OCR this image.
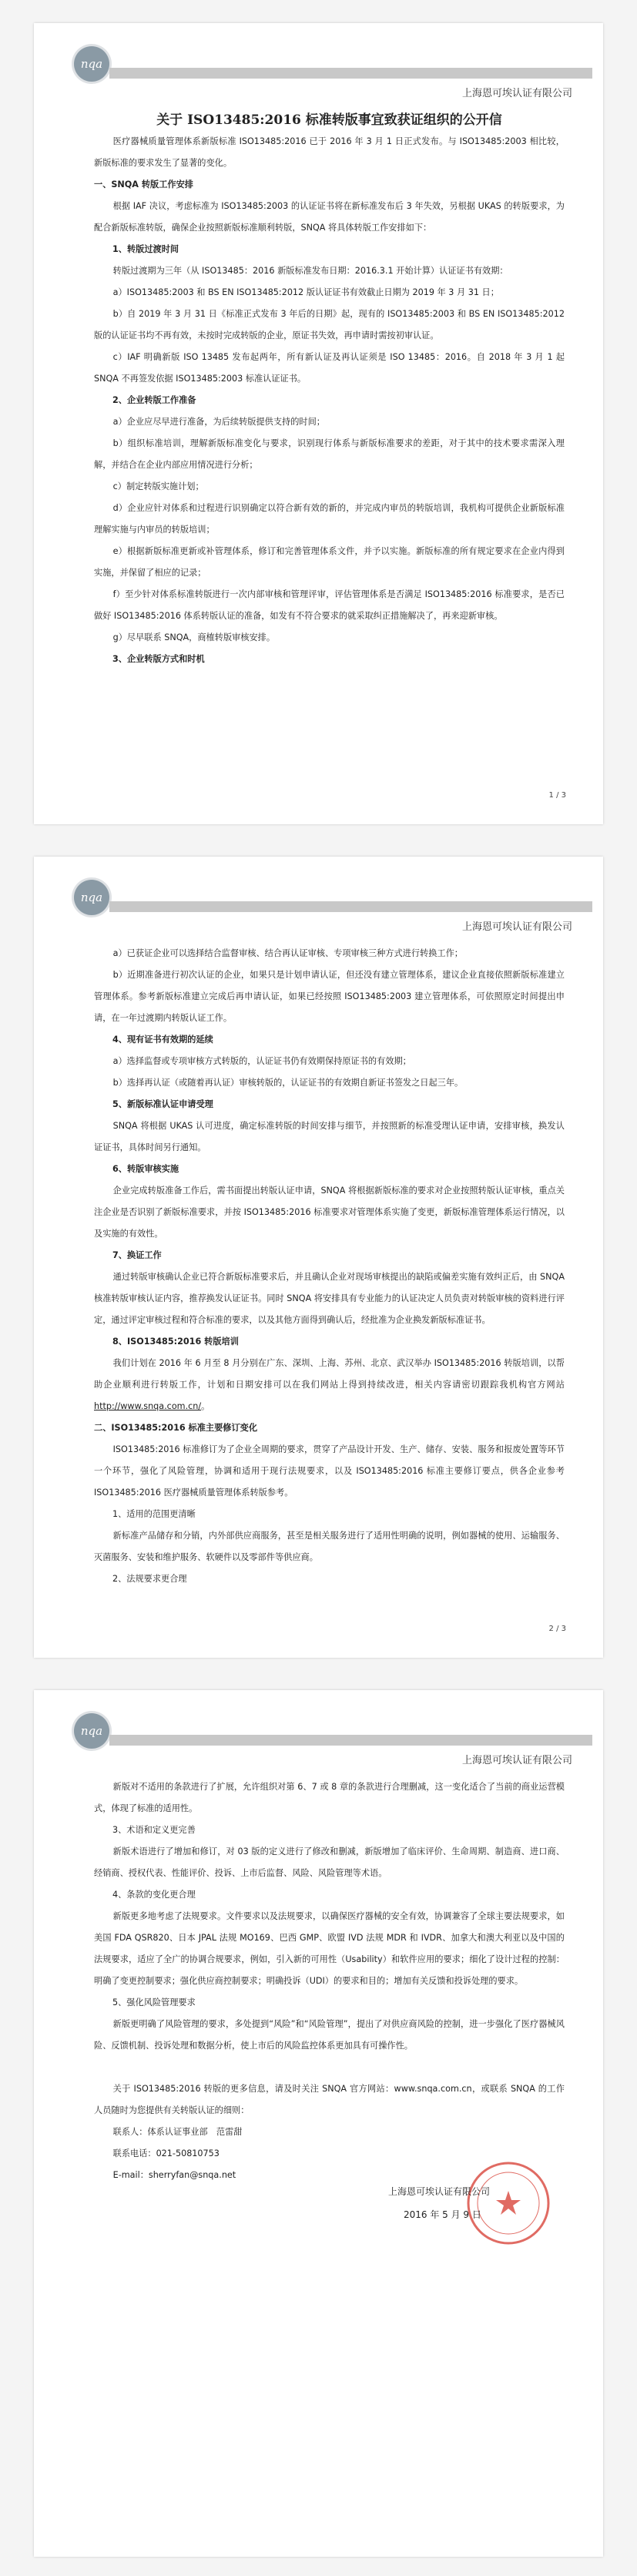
nqa
上海恩可埃认证有限公司

关于 ISO13485:2016 标准转版事宜致获证组织的公开信

医疗器械质量管理体系新版标准 ISO13485:2016 已于 2016 年 3 月 1 日正式发布。与 ISO13485:2003 相比较，新版标准的要求发生了显著的变化。

一、SNQA 转版工作安排

根据 IAF 决议，考虑标准为 ISO13485:2003 的认证证书将在新标准发布后 3 年失效，另根据 UKAS 的转版要求，为配合新版标准转版，确保企业按照新版标准顺利转版，SNQA 将具体转版工作安排如下：

1、转版过渡时间

转版过渡期为三年（从 ISO13485：2016 新版标准发布日期：2016.3.1 开始计算）认证证书有效期：

a）ISO13485:2003 和 BS EN ISO13485:2012 版认证证书有效截止日期为 2019 年 3 月 31 日；

b）自 2019 年 3 月 31 日《标准正式发布 3 年后的日期》起，现有的 ISO13485:2003 和 BS EN ISO13485:2012 版的认证证书均不再有效，未按时完成转版的企业，原证书失效，再申请时需按初审认证。

c）IAF 明确新版 ISO 13485 发布起两年，所有新认证及再认证须是 ISO 13485：2016。自 2018 年 3 月 1 起 SNQA 不再签发依据 ISO13485:2003 标准认证证书。

2、企业转版工作准备

a）企业应尽早进行准备，为后续转版提供支持的时间；

b）组织标准培训，理解新版标准变化与要求，识别现行体系与新版标准要求的差距，对于其中的技术要求需深入理解，并结合在企业内部应用情况进行分析；

c）制定转版实施计划；

d）企业应针对体系和过程进行识别确定以符合新有效的新的，并完成内审员的转版培训，我机构可提供企业新版标准理解实施与内审员的转版培训；

e）根据新版标准更新或补管理体系，修订和完善管理体系文件，并予以实施。新版标准的所有规定要求在企业内得到实施，并保留了相应的记录；

f）至少针对体系标准转版进行一次内部审核和管理评审，评估管理体系是否满足 ISO13485:2016 标准要求，是否已做好 ISO13485:2016 体系转版认证的准备，如发有不符合要求的就采取纠正措施解决了，再来迎新审核。

g）尽早联系 SNQA，商榷转版审核安排。

3、企业转版方式和时机

1 / 3
nqa
上海恩可埃认证有限公司

a）已获证企业可以选择结合监督审核、结合再认证审核、专项审核三种方式进行转换工作；

b）近期准备进行初次认证的企业，如果只是计划申请认证，但还没有建立管理体系，建议企业直接依照新版标准建立管理体系。参考新版标准建立完成后再申请认证，如果已经按照 ISO13485:2003 建立管理体系，可依照原定时间提出申请，在一年过渡期内转版认证工作。

4、现有证书有效期的延续

a）选择监督或专项审核方式转版的，认证证书仍有效期保持原证书的有效期；

b）选择再认证（或随着再认证）审核转版的，认证证书的有效期自新证书签发之日起三年。

5、新版标准认证申请受理

SNQA 将根据 UKAS 认可进度，确定标准转版的时间安排与细节，并按照新的标准受理认证申请，安排审核，换发认证证书，具体时间另行通知。

6、转版审核实施

企业完成转版准备工作后，需书面提出转版认证申请，SNQA 将根据新版标准的要求对企业按照转版认证审核，重点关注企业是否识别了新版标准要求，并按 ISO13485:2016 标准要求对管理体系实施了变更，新版标准管理体系运行情况，以及实施的有效性。

7、换证工作

通过转版审核确认企业已符合新版标准要求后，并且确认企业对现场审核提出的缺陷或偏差实施有效纠正后，由 SNQA 核准转版审核认证内容，推荐换发认证证书。同时 SNQA 将安排具有专业能力的认证决定人员负责对转版审核的资料进行评定，通过评定审核过程和符合标准的要求，以及其他方面得到确认后，经批准为企业换发新版标准证书。

8、ISO13485:2016 转版培训

我们计划在 2016 年 6 月至 8 月分别在广东、深圳、上海、苏州、北京、武汉举办 ISO13485:2016 转版培训，以帮助企业顺利进行转版工作，计划和日期安排可以在我们网站上得到持续改进，相关内容请密切跟踪我机构官方网站http://www.snqa.com.cn/。

二、ISO13485:2016 标准主要修订变化

ISO13485:2016 标准修订为了企业全周期的要求，贯穿了产品设计开发、生产、储存、安装、服务和报废处置等环节一个环节，强化了风险管理，协调和适用于现行法规要求，以及 ISO13485:2016 标准主要修订要点，供各企业参考 ISO13485:2016 医疗器械质量管理体系转版参考。

1、适用的范围更清晰

新标准产品储存和分销，内外部供应商服务，甚至是相关服务进行了适用性明确的说明，例如器械的使用、运输服务、灭菌服务、安装和维护服务、软硬件以及零部件等供应商。

2、法规要求更合理

2 / 3
nqa
上海恩可埃认证有限公司

新版对不适用的条款进行了扩展，允许组织对第 6、7 或 8 章的条款进行合理删减，这一变化适合了当前的商业运营模式，体现了标准的适用性。

3、术语和定义更完善

新版术语进行了增加和修订，对 03 版的定义进行了修改和删减，新版增加了临床评价、生命周期、制造商、进口商、经销商、授权代表、性能评价、投诉、上市后监督、风险、风险管理等术语。

4、条款的变化更合理

新版更多地考虑了法规要求。文件要求以及法规要求，以确保医疗器械的安全有效，协调兼容了全球主要法规要求，如美国 FDA QSR820、日本 JPAL 法规 MO169、巴西 GMP、欧盟 IVD 法规 MDR 和 IVDR、加拿大和澳大利亚以及中国的法规要求，适应了全广的协调合规要求，例如，引入新的可用性（Usability）和软件应用的要求；细化了设计过程的控制：明确了变更控制要求；强化供应商控制要求；明确投诉（UDI）的要求和目的；增加有关反馈和投诉处理的要求。

5、强化风险管理要求

新版更明确了风险管理的要求，多处提到“风险”和“风险管理”，提出了对供应商风险的控制，进一步强化了医疗器械风险、反馈机制、投诉处理和数据分析，使上市后的风险监控体系更加具有可操作性。

关于 ISO13485:2016 转版的更多信息，请及时关注 SNQA 官方网站：www.snqa.com.cn，或联系 SNQA 的工作人员随时为您提供有关转版认证的细则：

联系人：体系认证事业部　范雷甜

联系电话：021-50810753

E-mail：sherryfan@snqa.net

上海恩可埃认证有限公司
2016 年 5 月 9 日
